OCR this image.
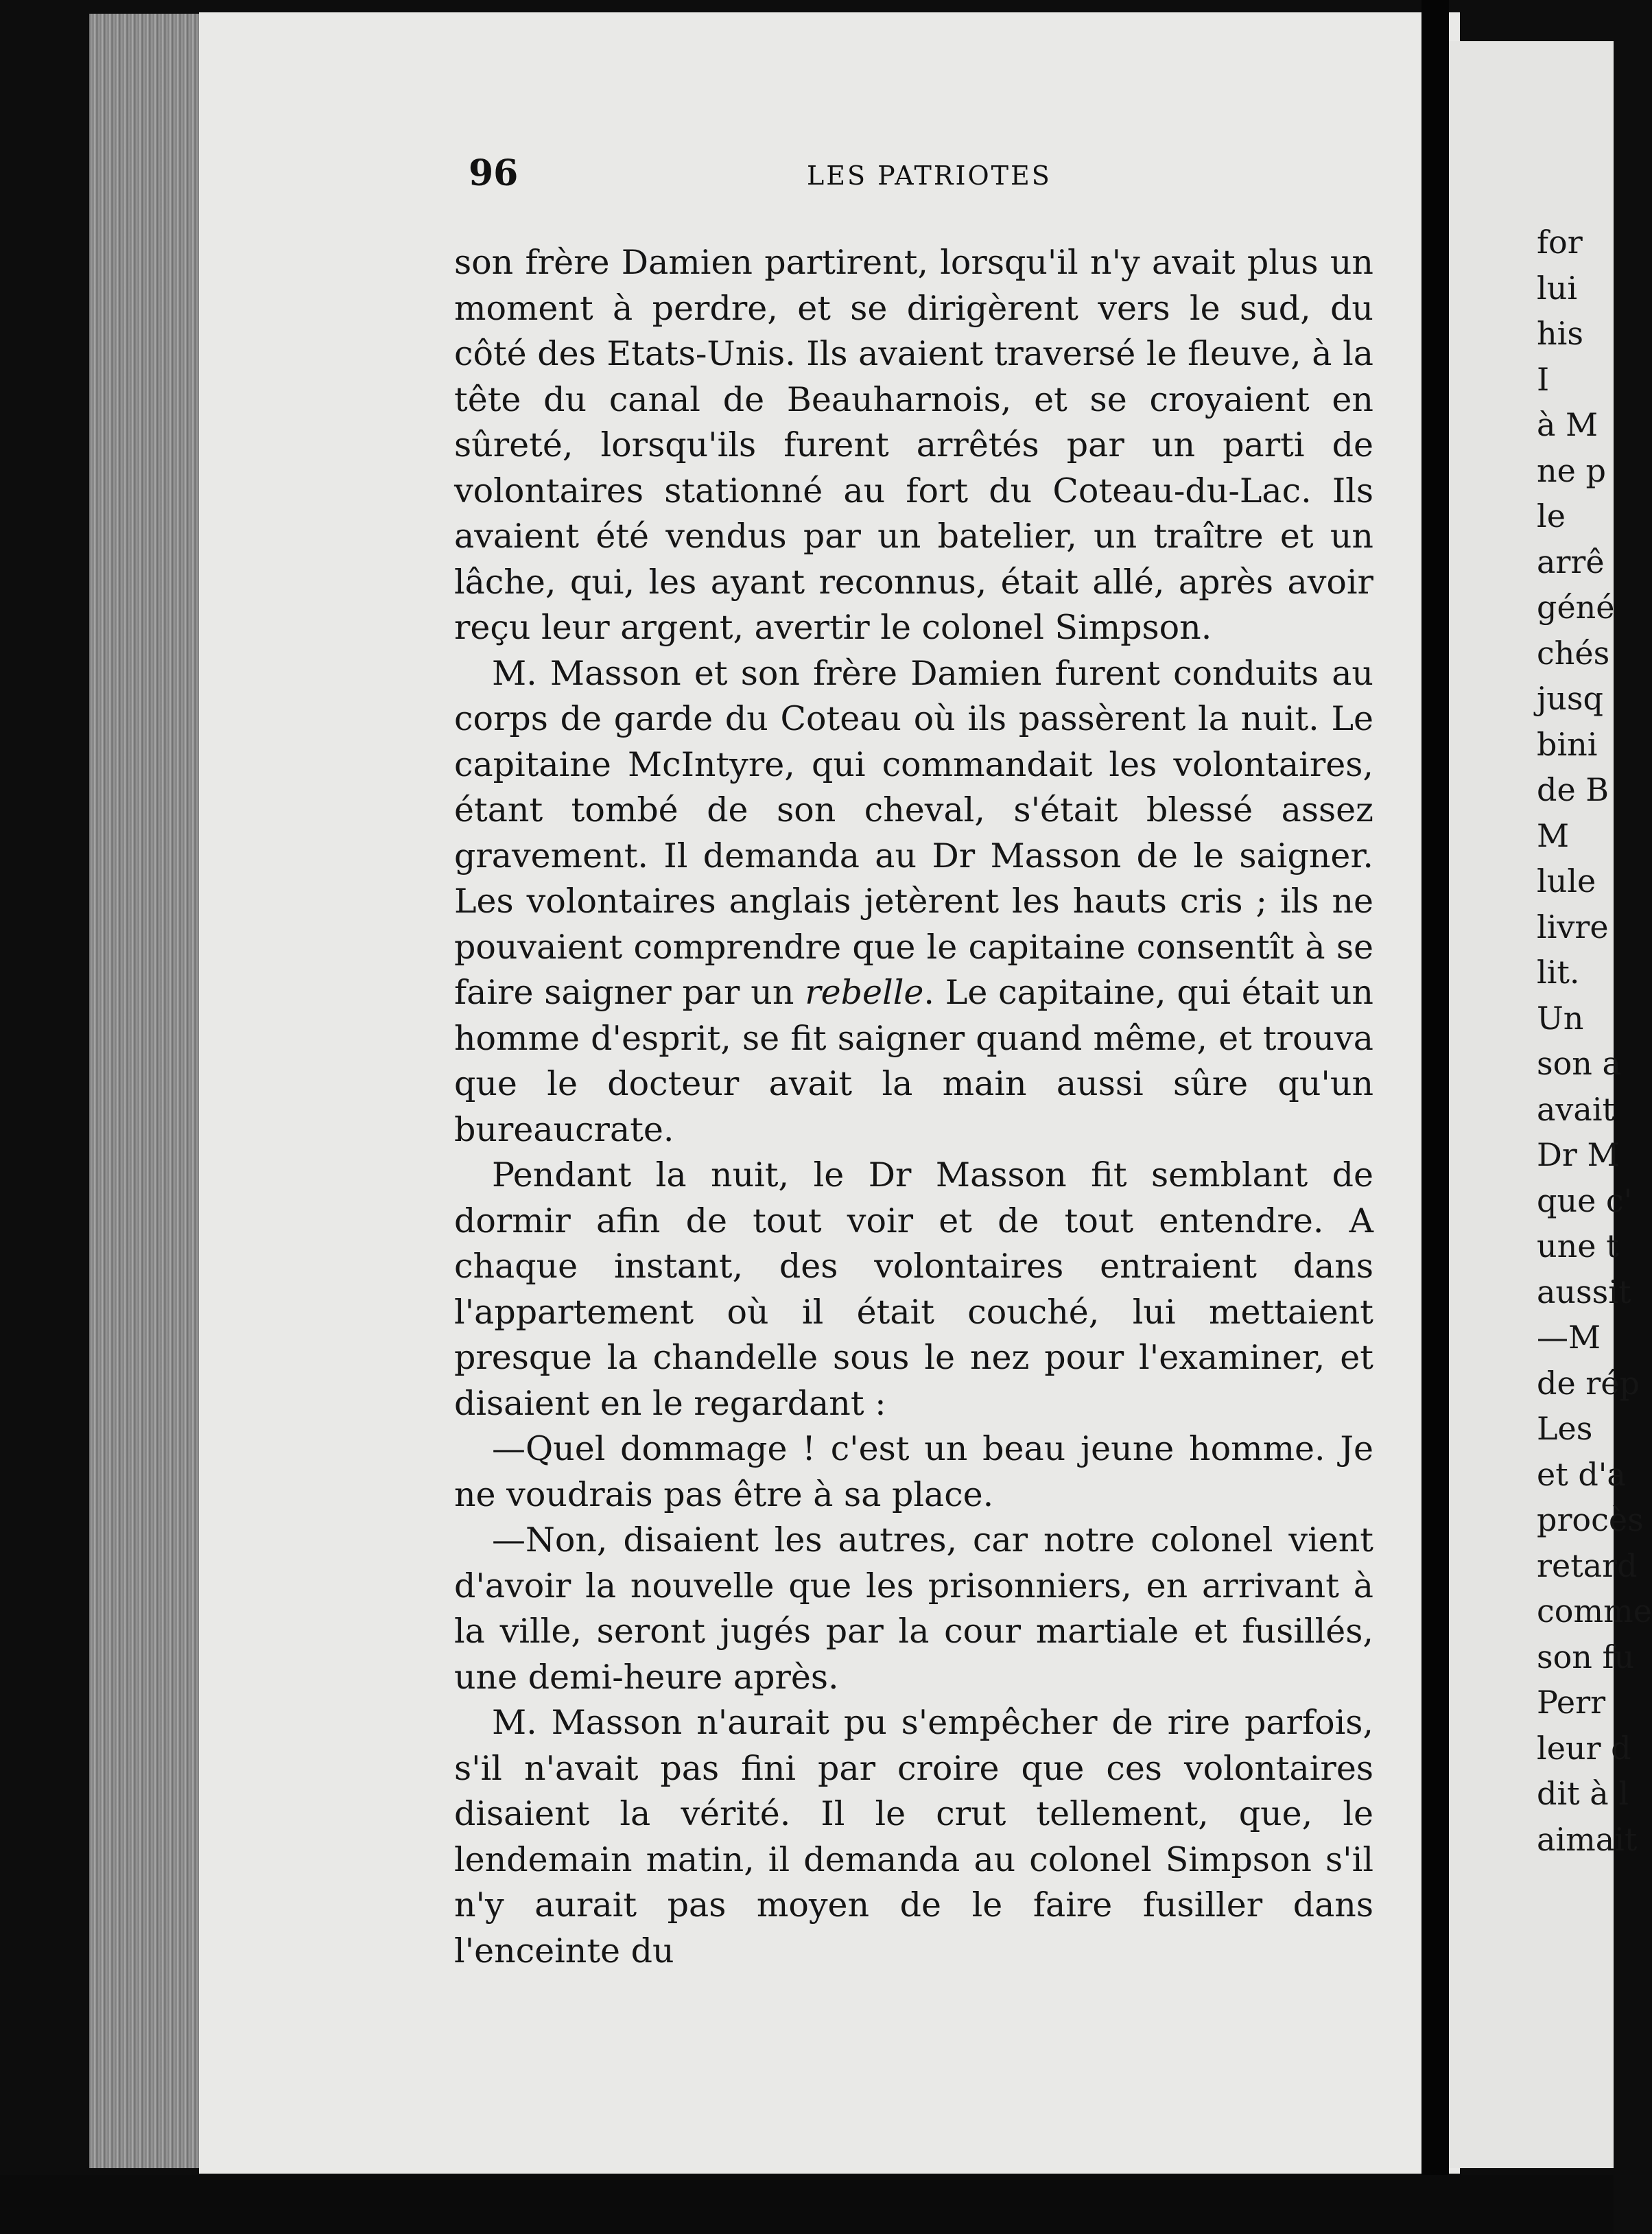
96	LES PATRIOTES

son frère Damien partirent, lorsqu'il n'y avait plus un moment à perdre, et se dirigèrent vers le sud, du côté des Etats-Unis. Ils avaient traversé le fleuve, à la tête du canal de Beauharnois, et se croyaient en sûreté, lorsqu'ils furent arrêtés par un parti de volontaires stationné au fort du Coteau-du-Lac. Ils avaient été vendus par un batelier, un traître et un lâche, qui, les ayant reconnus, était allé, après avoir reçu leur argent, avertir le colonel Simpson.

M. Masson et son frère Damien furent conduits au corps de garde du Coteau où ils passèrent la nuit. Le capitaine McIntyre, qui commandait les volontaires, étant tombé de son cheval, s'était blessé assez gravement. Il demanda au Dr Masson de le saigner. Les volontaires anglais jetèrent les hauts cris ; ils ne pouvaient comprendre que le capitaine consentît à se faire saigner par un rebelle. Le capitaine, qui était un homme d'esprit, se fit saigner quand même, et trouva que le docteur avait la main aussi sûre qu'un bureaucrate.

Pendant la nuit, le Dr Masson fit semblant de dormir afin de tout voir et de tout entendre. A chaque instant, des volontaires entraient dans l'appartement où il était couché, lui mettaient presque la chandelle sous le nez pour l'examiner, et disaient en le regardant :

—Quel dommage ! c'est un beau jeune homme. Je ne voudrais pas être à sa place.

—Non, disaient les autres, car notre colonel vient d'avoir la nouvelle que les prisonniers, en arrivant à la ville, seront jugés par la cour martiale et fusillés, une demi-heure après.

M. Masson n'aurait pu s'empêcher de rire parfois, s'il n'avait pas fini par croire que ces volontaires disaient la vérité. Il le crut tellement, que, le lendemain matin, il demanda au colonel Simpson s'il n'y aurait pas moyen de le faire fusiller dans l'enceinte du

for
lui
his
I
à M
ne p
le
arrê
géné
chés
jusq
bini
de B
M
lule
livre
lit.
Un
son a
avait
Dr M
que c'
une t
aussit
—M
de rép
Les
et d'a
procès
retard
comme
son fu
Perr
leur d
dit à l
aimait
